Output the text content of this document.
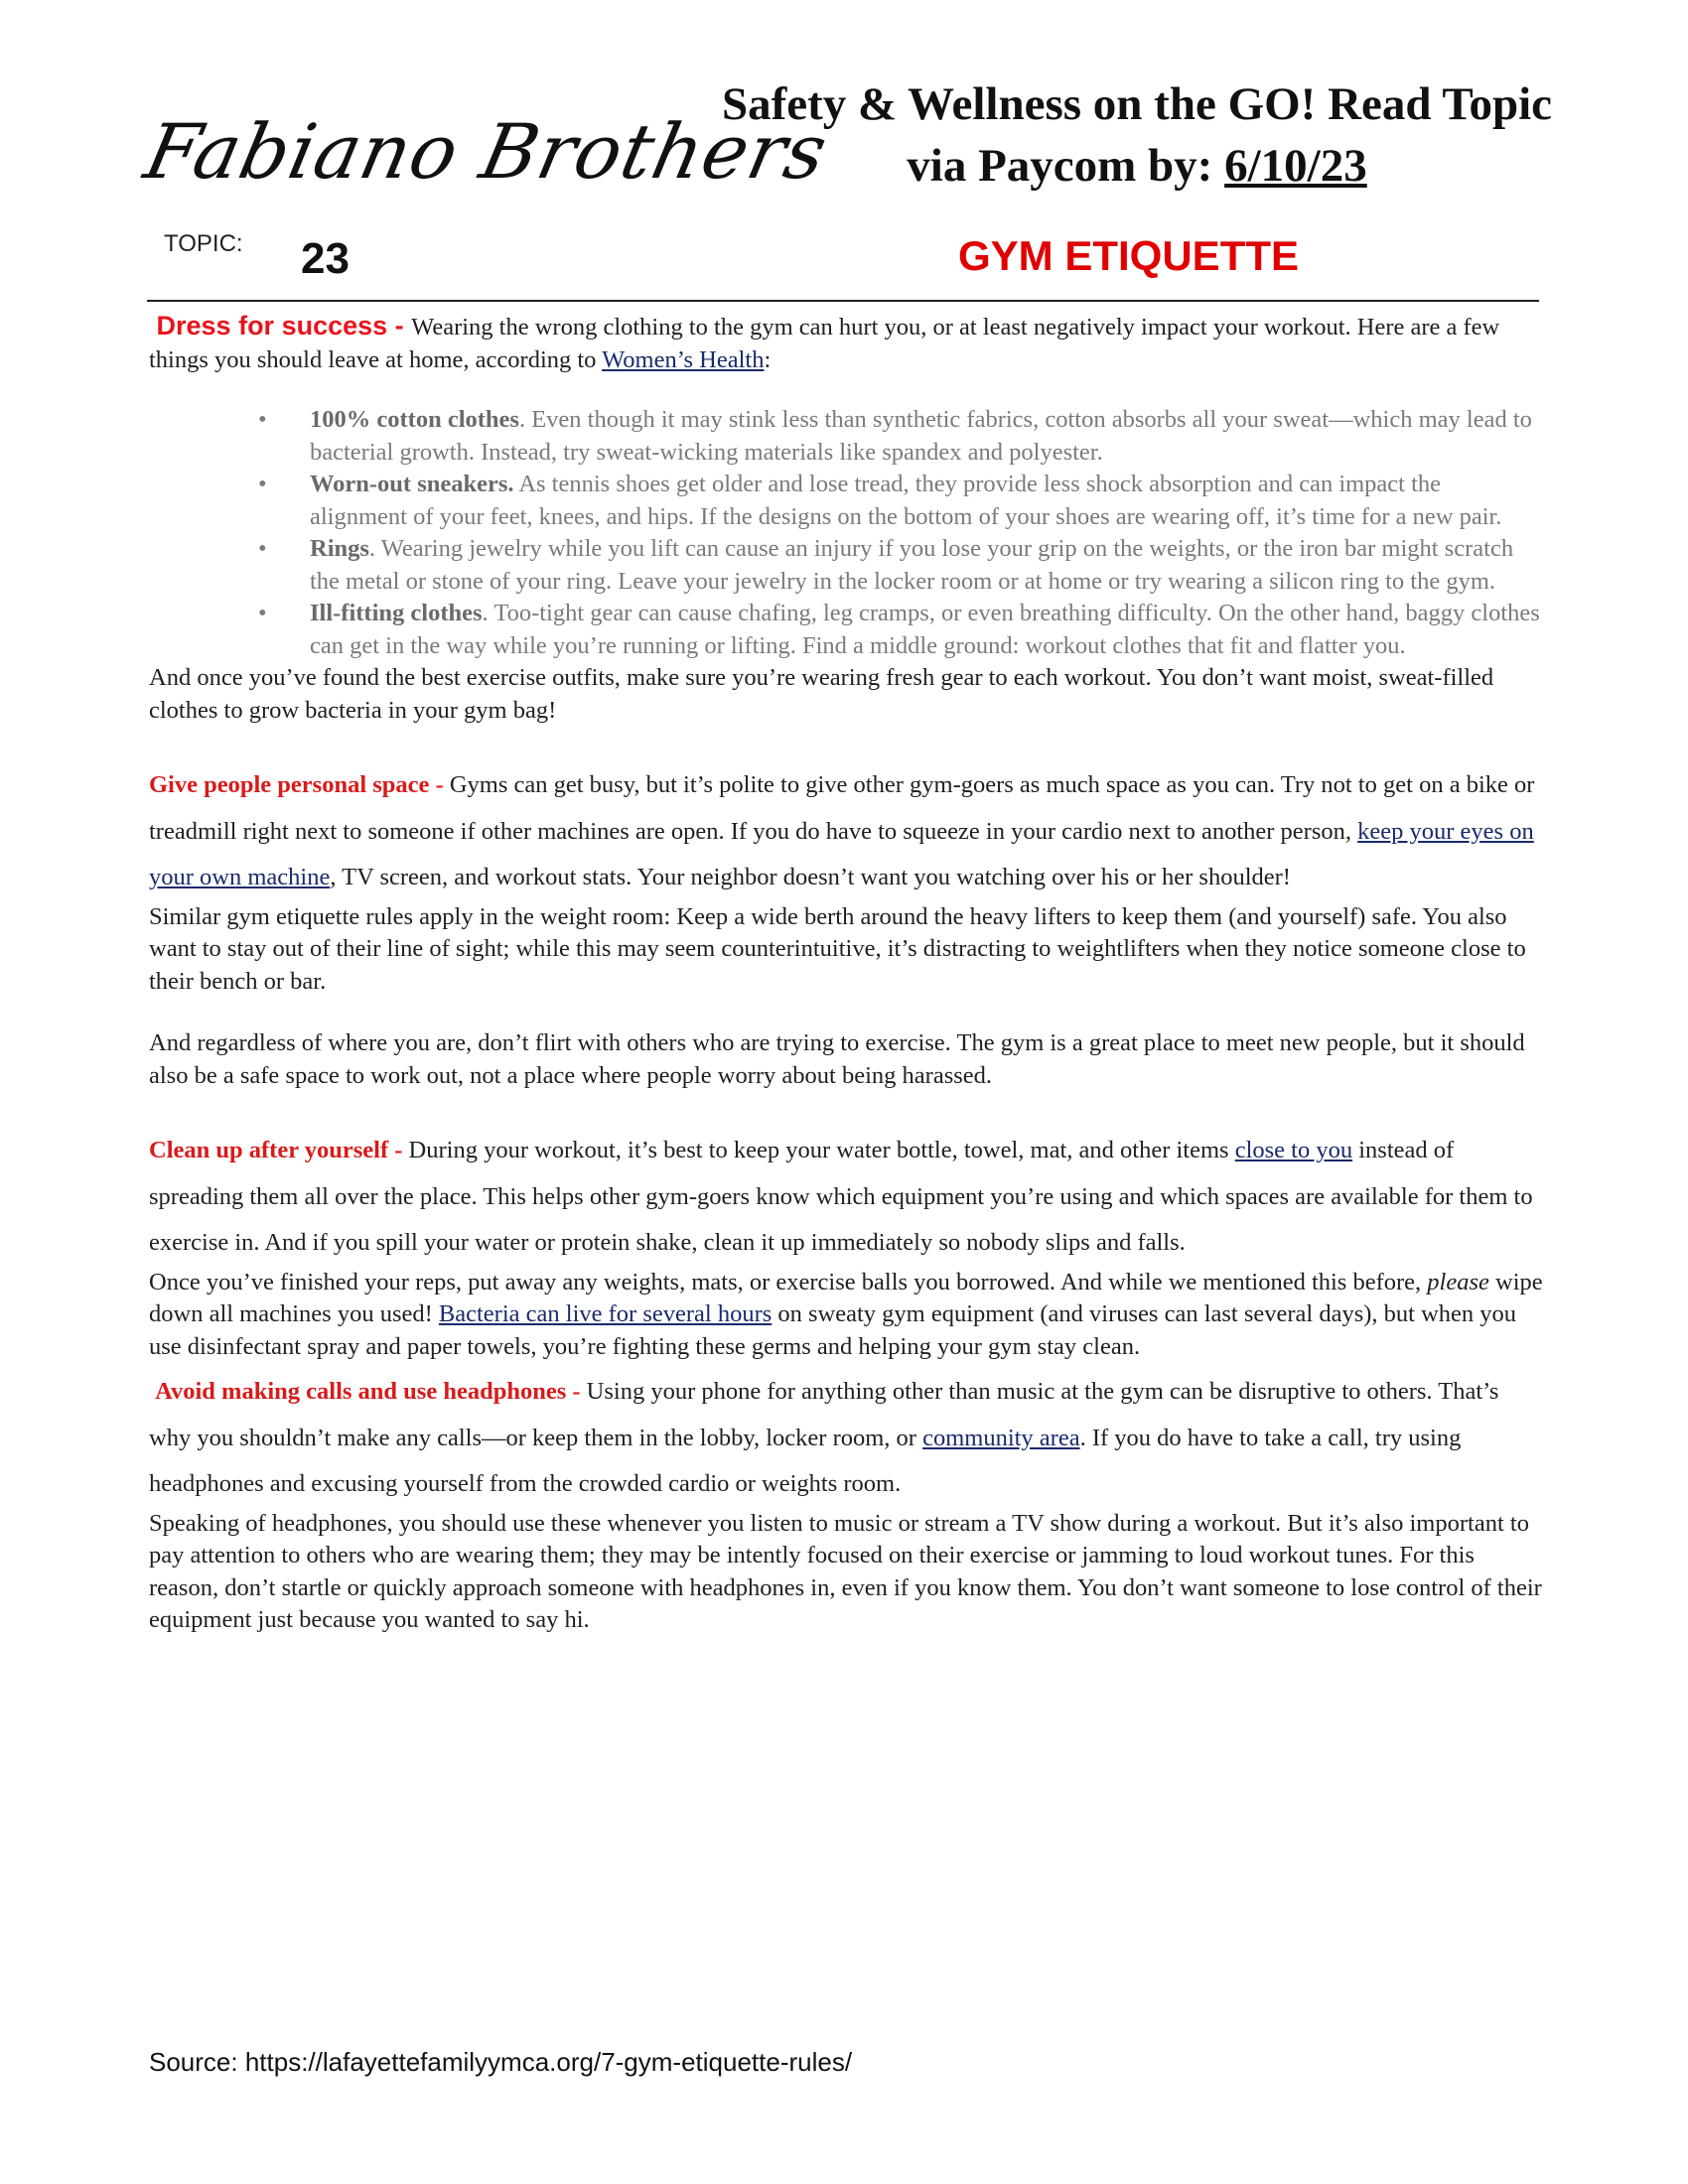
Fabiano Brothers
Safety & Wellness on the GO! Read Topic
via Paycom by: 6/10/23
TOPIC: 23	GYM ETIQUETTE

Dress for success - Wearing the wrong clothing to the gym can hurt you, or at least negatively impact your workout. Here are a few things you should leave at home, according to Women’s Health:

• 100% cotton clothes. Even though it may stink less than synthetic fabrics, cotton absorbs all your sweat—which may lead to bacterial growth. Instead, try sweat-wicking materials like spandex and polyester.
• Worn-out sneakers. As tennis shoes get older and lose tread, they provide less shock absorption and can impact the alignment of your feet, knees, and hips. If the designs on the bottom of your shoes are wearing off, it’s time for a new pair.
• Rings. Wearing jewelry while you lift can cause an injury if you lose your grip on the weights, or the iron bar might scratch the metal or stone of your ring. Leave your jewelry in the locker room or at home or try wearing a silicon ring to the gym.
• Ill-fitting clothes. Too-tight gear can cause chafing, leg cramps, or even breathing difficulty. On the other hand, baggy clothes can get in the way while you’re running or lifting. Find a middle ground: workout clothes that fit and flatter you.

And once you’ve found the best exercise outfits, make sure you’re wearing fresh gear to each workout. You don’t want moist, sweat-filled clothes to grow bacteria in your gym bag!

Give people personal space - Gyms can get busy, but it’s polite to give other gym-goers as much space as you can. Try not to get on a bike or treadmill right next to someone if other machines are open. If you do have to squeeze in your cardio next to another person, keep your eyes on your own machine, TV screen, and workout stats. Your neighbor doesn’t want you watching over his or her shoulder!

Similar gym etiquette rules apply in the weight room: Keep a wide berth around the heavy lifters to keep them (and yourself) safe. You also want to stay out of their line of sight; while this may seem counterintuitive, it’s distracting to weightlifters when they notice someone close to their bench or bar.

And regardless of where you are, don’t flirt with others who are trying to exercise. The gym is a great place to meet new people, but it should also be a safe space to work out, not a place where people worry about being harassed.

Clean up after yourself - During your workout, it’s best to keep your water bottle, towel, mat, and other items close to you instead of spreading them all over the place. This helps other gym-goers know which equipment you’re using and which spaces are available for them to exercise in. And if you spill your water or protein shake, clean it up immediately so nobody slips and falls.

Once you’ve finished your reps, put away any weights, mats, or exercise balls you borrowed. And while we mentioned this before, please wipe down all machines you used! Bacteria can live for several hours on sweaty gym equipment (and viruses can last several days), but when you use disinfectant spray and paper towels, you’re fighting these germs and helping your gym stay clean.

Avoid making calls and use headphones - Using your phone for anything other than music at the gym can be disruptive to others. That’s why you shouldn’t make any calls—or keep them in the lobby, locker room, or community area. If you do have to take a call, try using headphones and excusing yourself from the crowded cardio or weights room.

Speaking of headphones, you should use these whenever you listen to music or stream a TV show during a workout. But it’s also important to pay attention to others who are wearing them; they may be intently focused on their exercise or jamming to loud workout tunes. For this reason, don’t startle or quickly approach someone with headphones in, even if you know them. You don’t want someone to lose control of their equipment just because you wanted to say hi.

Source: https://lafayettefamilyymca.org/7-gym-etiquette-rules/
